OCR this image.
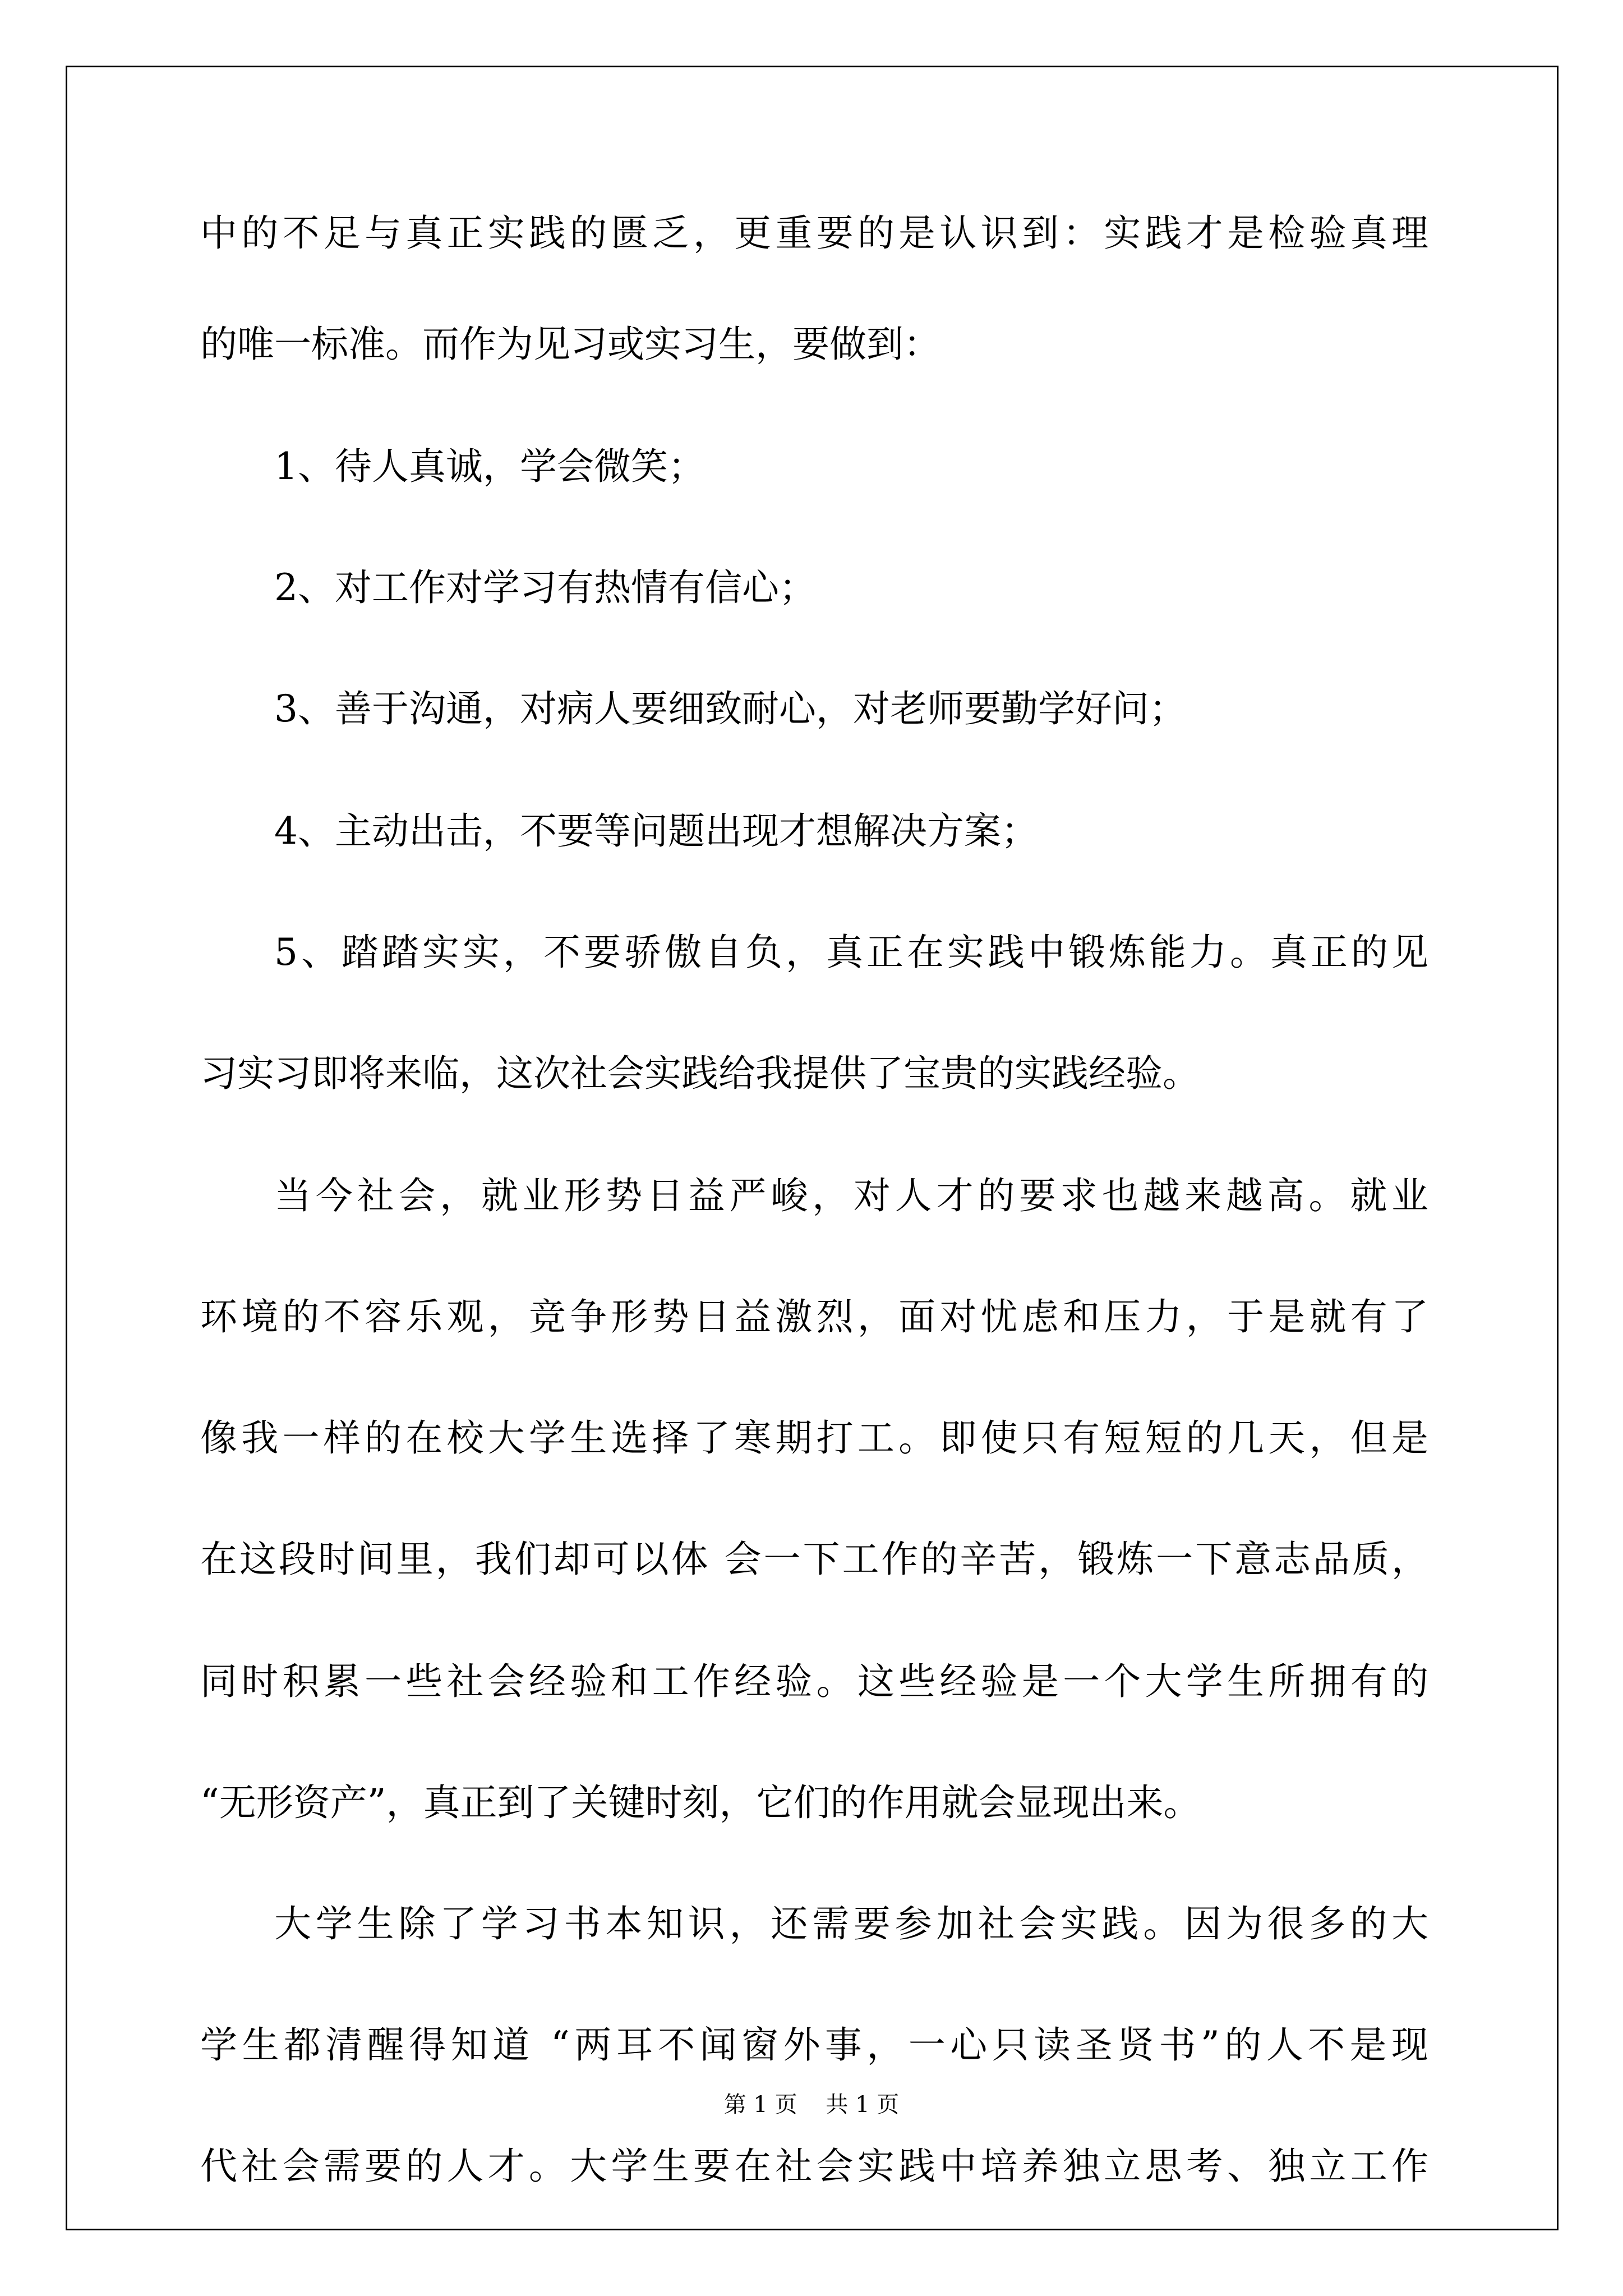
中的不足与真正实践的匮乏，更重要的是认识到：实践才是检验真理
的唯一标准。而作为见习或实习生，要做到：
1、待人真诚，学会微笑；
2、对工作对学习有热情有信心；
3、善于沟通，对病人要细致耐心，对老师要勤学好问；
4、主动出击，不要等问题出现才想解决方案；
5、踏踏实实，不要骄傲自负，真正在实践中锻炼能力。真正的见
习实习即将来临，这次社会实践给我提供了宝贵的实践经验。
当今社会，就业形势日益严峻，对人才的要求也越来越高。就业
环境的不容乐观，竞争形势日益激烈，面对忧虑和压力，于是就有了
像我一样的在校大学生选择了寒期打工。即使只有短短的几天，但是
在这段时间里，我们却可以体 会一下工作的辛苦，锻炼一下意志品质，
同时积累一些社会经验和工作经验。这些经验是一个大学生所拥有的
“无形资产”，真正到了关键时刻，它们的作用就会显现出来。
大学生除了学习书本知识，还需要参加社会实践。因为很多的大
学生都清醒得知道 “两耳不闻窗外事，一心只读圣贤书”的人不是现
代社会需要的人才。大学生要在社会实践中培养独立思考、独立工作
第 1 页    共 1 页
